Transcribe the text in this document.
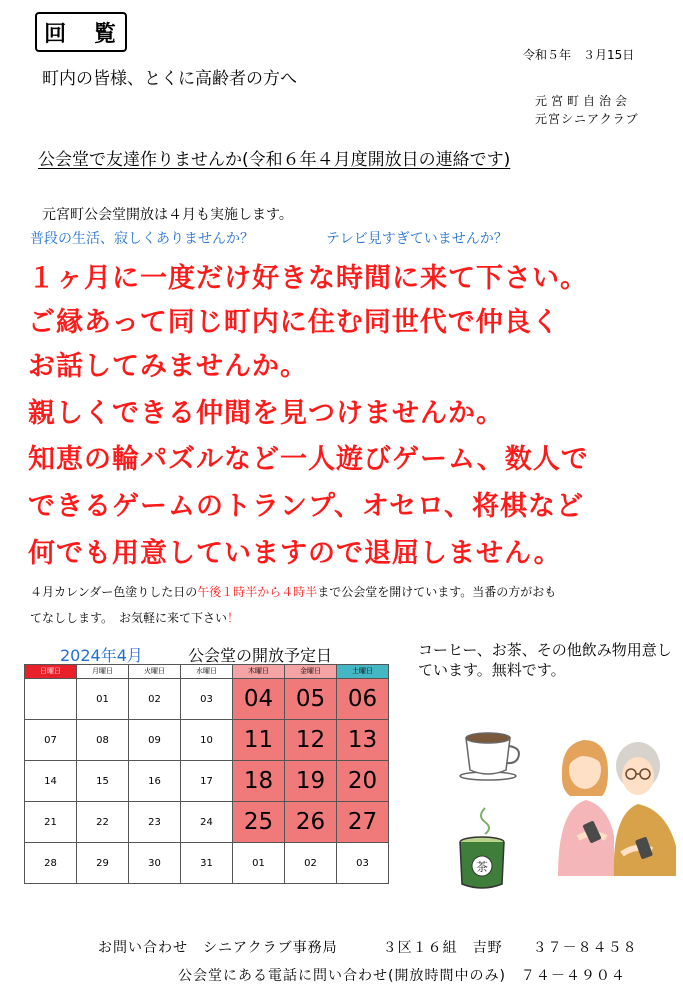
回 覧
令和５年　３月15日
町内の皆様、とくに高齢者の方へ
元宮町自治会
元宮シニアクラブ
公会堂で友達作りませんか(令和６年４月度開放日の連絡です)
元宮町公会堂開放は４月も実施します。
普段の生活、寂しくありませんか？	テレビ見すぎていませんか？
１ヶ月に一度だけ好きな時間に来て下さい。
ご縁あって同じ町内に住む同世代で仲良く
お話してみませんか。
親しくできる仲間を見つけませんか。
知恵の輪パズルなど一人遊びゲーム、数人で
できるゲームのトランプ、オセロ、将棋など
何でも用意していますので退屈しません。
４月カレンダー色塗りした日の午後１時半から４時半まで公会堂を開けています。当番の方がおも
てなしします。　お気軽に来て下さい！
2024年4月	公会堂の開放予定日
日曜日	月曜日	火曜日	水曜日	木曜日	金曜日	土曜日
	01	02	03	04	05	06
07	08	09	10	11	12	13
14	15	16	17	18	19	20
21	22	23	24	25	26	27
28	29	30	31	01	02	03
コーヒー、お茶、その他飲み物用意しています。無料です。
茶
お問い合わせ　シニアクラブ事務局　　　３区１６組　吉野　　３７－８４５８
公会堂にある電話に問い合わせ(開放時間中のみ)　７４－４９０４
